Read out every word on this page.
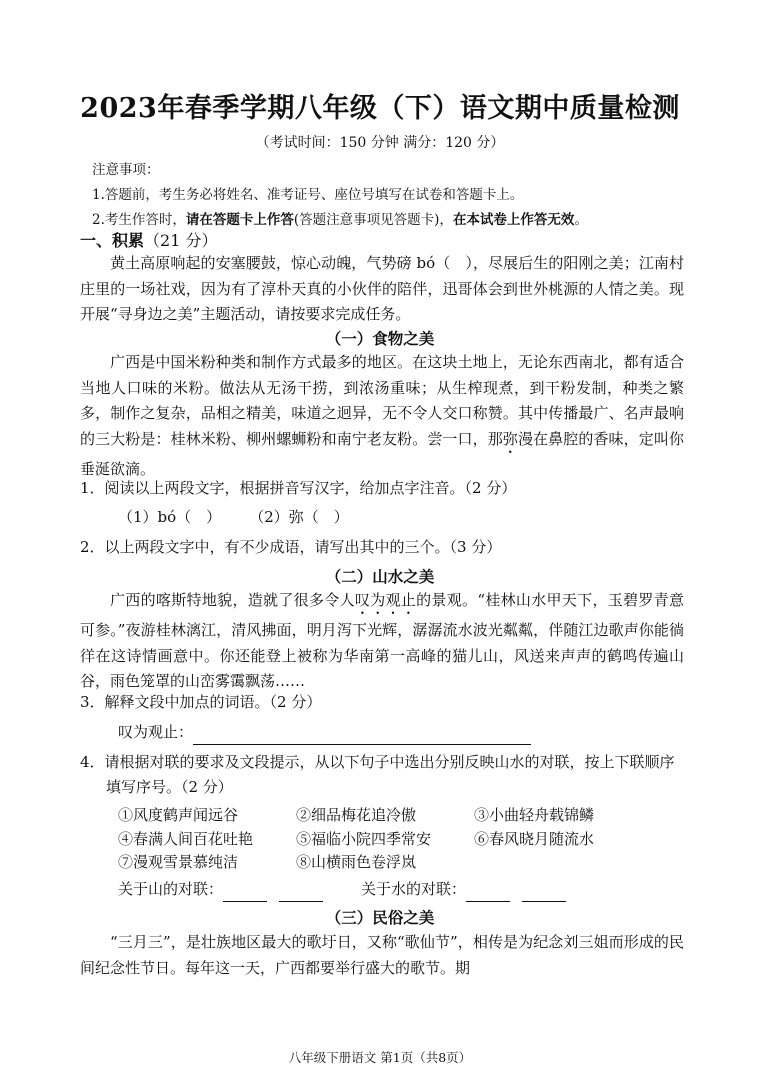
2023年春季学期八年级（下）语文期中质量检测
（考试时间：150 分钟 满分：120 分）
注意事项：
1.答题前，考生务必将姓名、准考证号、座位号填写在试卷和答题卡上。
2.考生作答时，请在答题卡上作答(答题注意事项见答题卡)，在本试卷上作答无效。
一、积累（21 分）

黄土高原响起的安塞腰鼓，惊心动魄，气势磅 bó（　），尽展后生的阳刚之美；江南村庄里的一场社戏，因为有了淳朴天真的小伙伴的陪伴，迅哥体会到世外桃源的人情之美。现开展“寻身边之美”主题活动，请按要求完成任务。

（一）食物之美

广西是中国米粉种类和制作方式最多的地区。在这块土地上，无论东西南北，都有适合当地人口味的米粉。做法从无汤干捞，到浓汤重味；从生榨现煮，到干粉发制，种类之繁多，制作之复杂，品相之精美，味道之迥异，无不令人交口称赞。其中传播最广、名声最响的三大粉是：桂林米粉、柳州螺蛳粉和南宁老友粉。尝一口，那弥漫在鼻腔的香味，定叫你垂涎欲滴。

1．阅读以上两段文字，根据拼音写汉字，给加点字注音。（2 分）
（1）bó（　） （2）弥（　）
2．以上两段文字中，有不少成语，请写出其中的三个。（3 分）
（二）山水之美

广西的喀斯特地貌，造就了很多令人叹为观止的景观。“桂林山水甲天下，玉碧罗青意可参。”夜游桂林漓江，清风拂面，明月泻下光辉，潺潺流水波光粼粼，伴随江边歌声你能徜徉在这诗情画意中。你还能登上被称为华南第一高峰的猫儿山，风送来声声的鹤鸣传遍山谷，雨色笼罩的山峦雾霭飘荡……

3．解释文段中加点的词语。（2 分）
叹为观止：
4．请根据对联的要求及文段提示，从以下句子中选出分别反映山水的对联，按上下联顺序填写序号。（2 分）
①风度鹤声闻远谷	②细品梅花追冷傲	③小曲轻舟载锦鳞
④春满人间百花吐艳	⑤福临小院四季常安	⑥春风晓月随流水
⑦漫观雪景慕纯洁	⑧山横雨色卷浮岚
关于山的对联：	关于水的对联：
（三）民俗之美

“三月三”，是壮族地区最大的歌圩日，又称“歌仙节”，相传是为纪念刘三姐而形成的民间纪念性节日。每年这一天，广西都要举行盛大的歌节。期

八年级下册语文 第1页（共8页）
